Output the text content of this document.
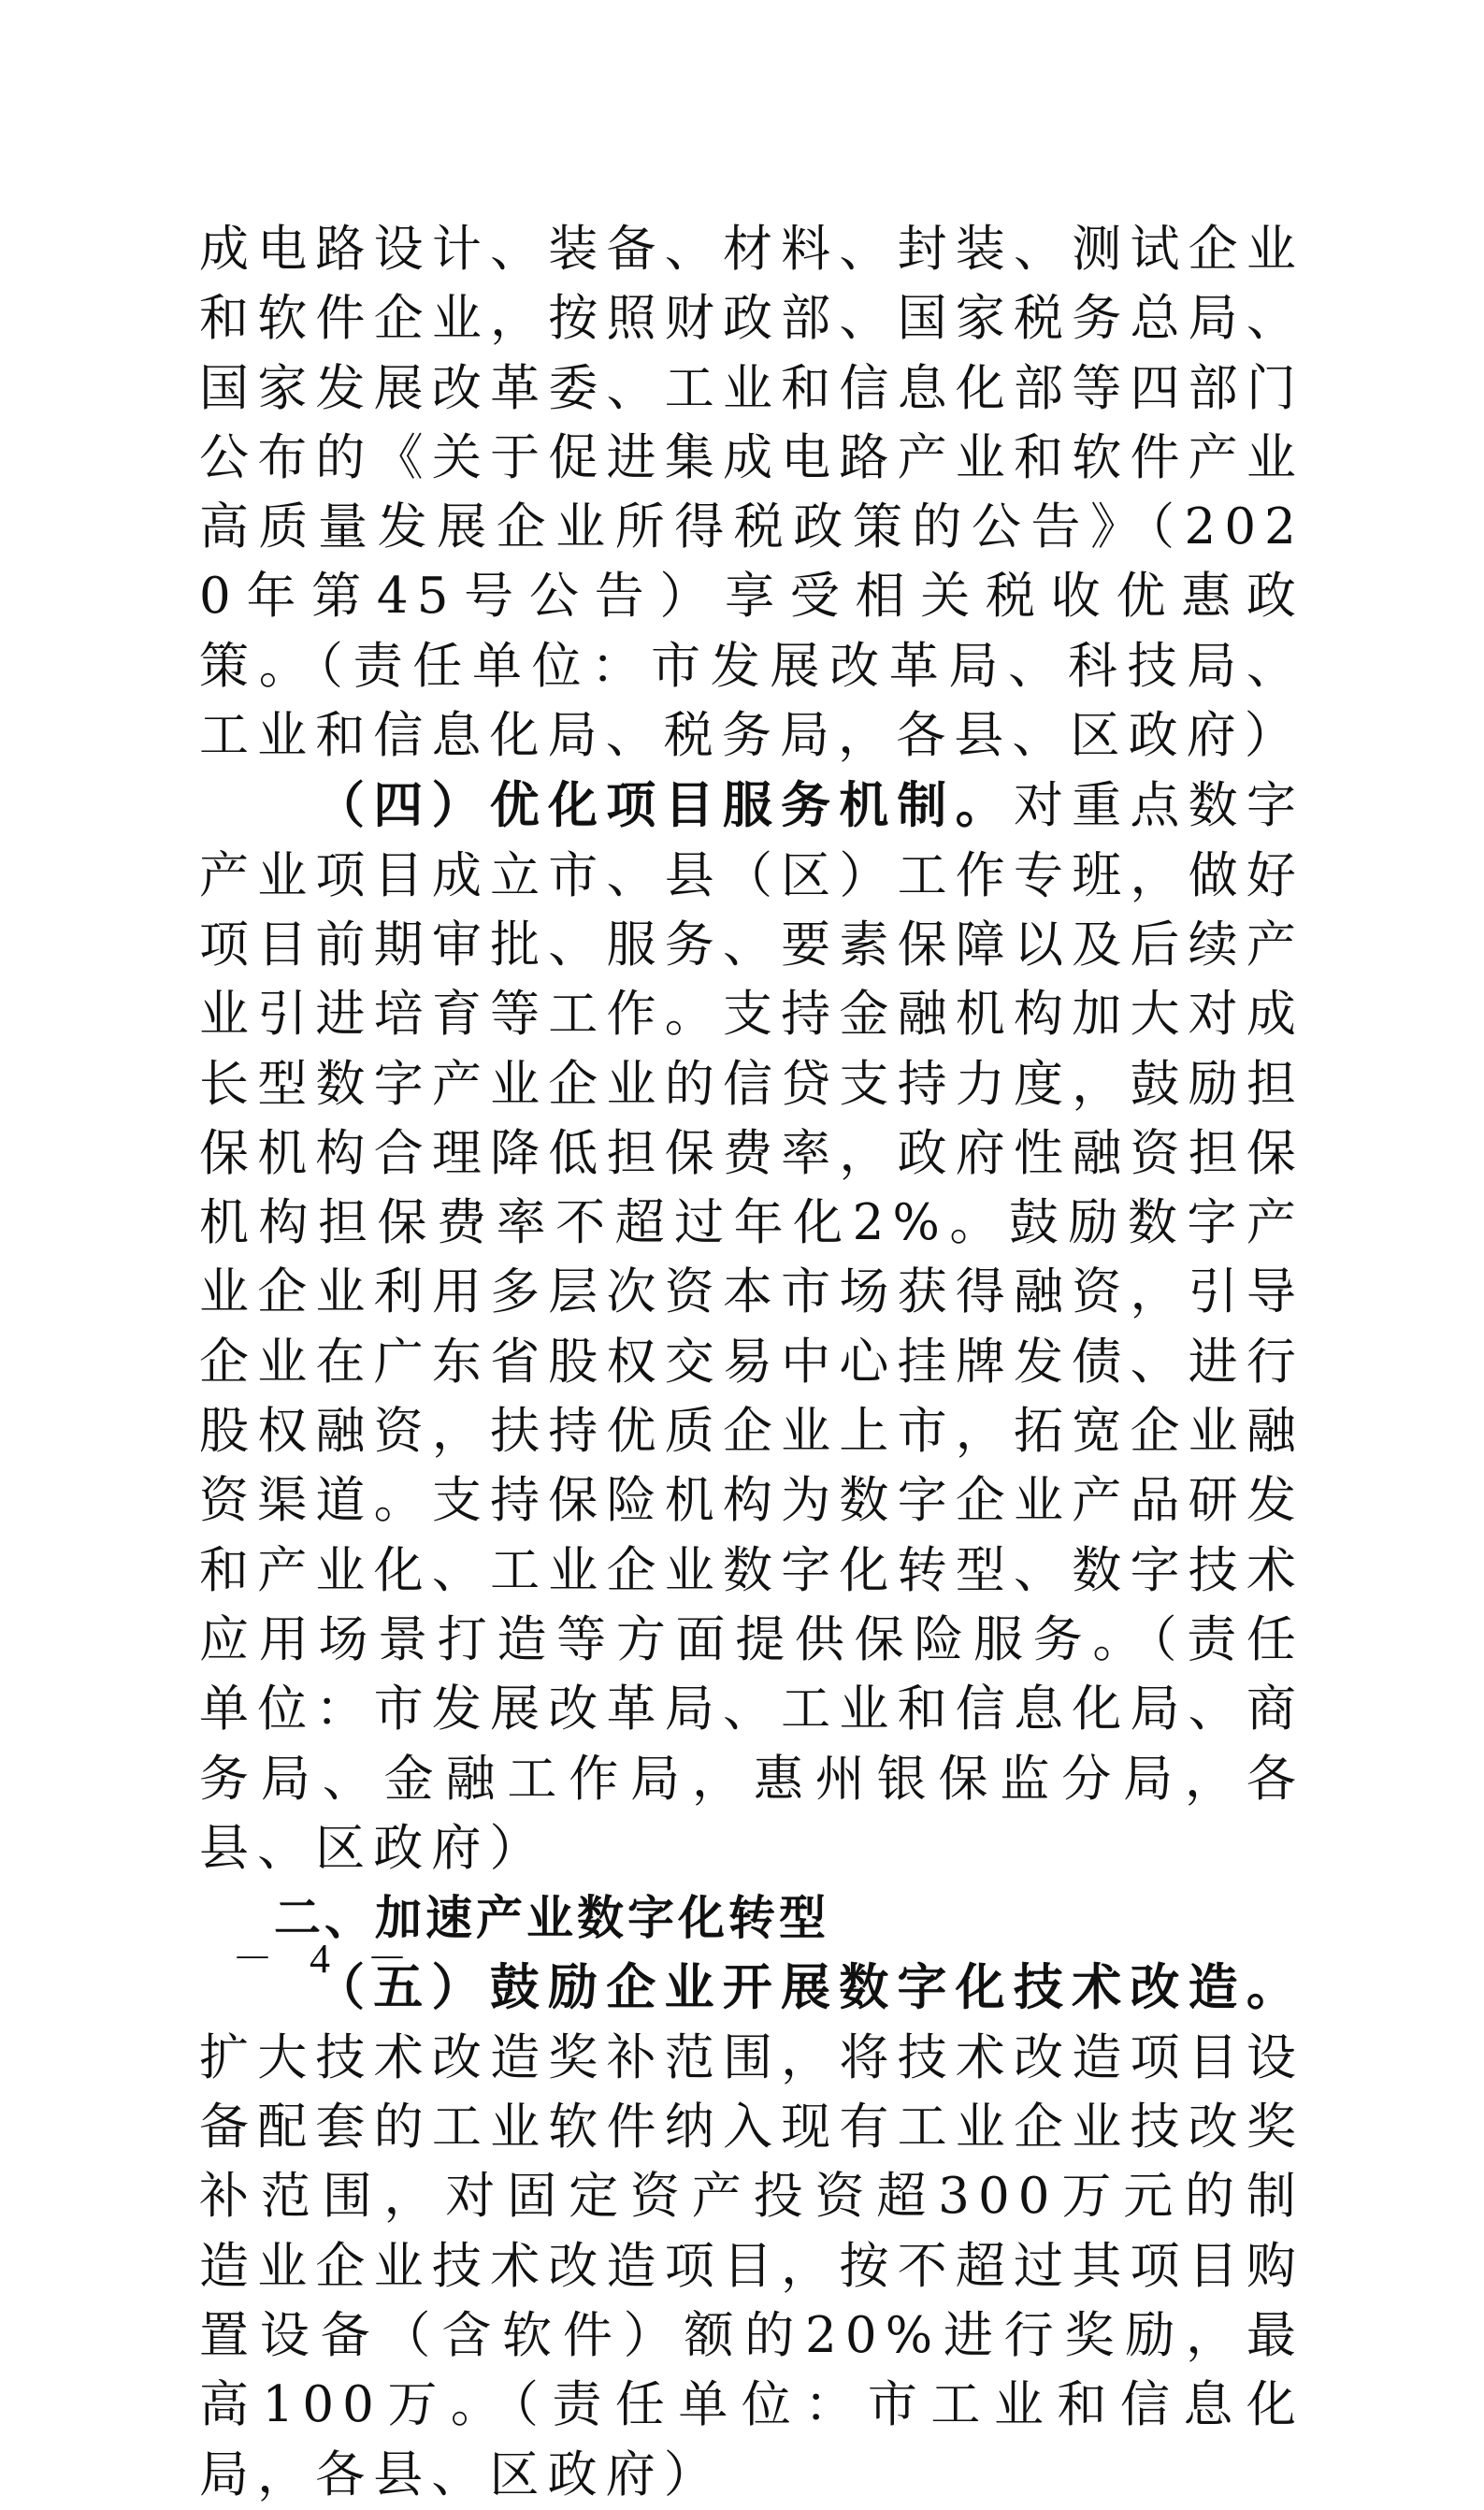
成电路设计、装备、材料、封装、测试企业和软件企业，按照财政部、国家税务总局、国家发展改革委、工业和信息化部等四部门公布的《关于促进集成电路产业和软件产业高质量发展企业所得税政策的公告》（2020年第45号公告）享受相关税收优惠政策。（责任单位：市发展改革局、科技局、工业和信息化局、税务局，各县、区政府）

（四）优化项目服务机制。对重点数字产业项目成立市、县（区）工作专班，做好项目前期审批、服务、要素保障以及后续产业引进培育等工作。支持金融机构加大对成长型数字产业企业的信贷支持力度，鼓励担保机构合理降低担保费率，政府性融资担保机构担保费率不超过年化2%。鼓励数字产业企业利用多层次资本市场获得融资，引导企业在广东省股权交易中心挂牌发债、进行股权融资，扶持优质企业上市，拓宽企业融资渠道。支持保险机构为数字企业产品研发和产业化、工业企业数字化转型、数字技术应用场景打造等方面提供保险服务。（责任单位：市发展改革局、工业和信息化局、商务局、金融工作局，惠州银保监分局，各县、区政府）

二、加速产业数字化转型

（五）鼓励企业开展数字化技术改造。扩大技术改造奖补范围，将技术改造项目设备配套的工业软件纳入现有工业企业技改奖补范围，对固定资产投资超300万元的制造业企业技术改造项目，按不超过其项目购置设备（含软件）额的20%进行奖励，最高100万。（责任单位：市工业和信息化局，各县、区政府）

－ 4 －
